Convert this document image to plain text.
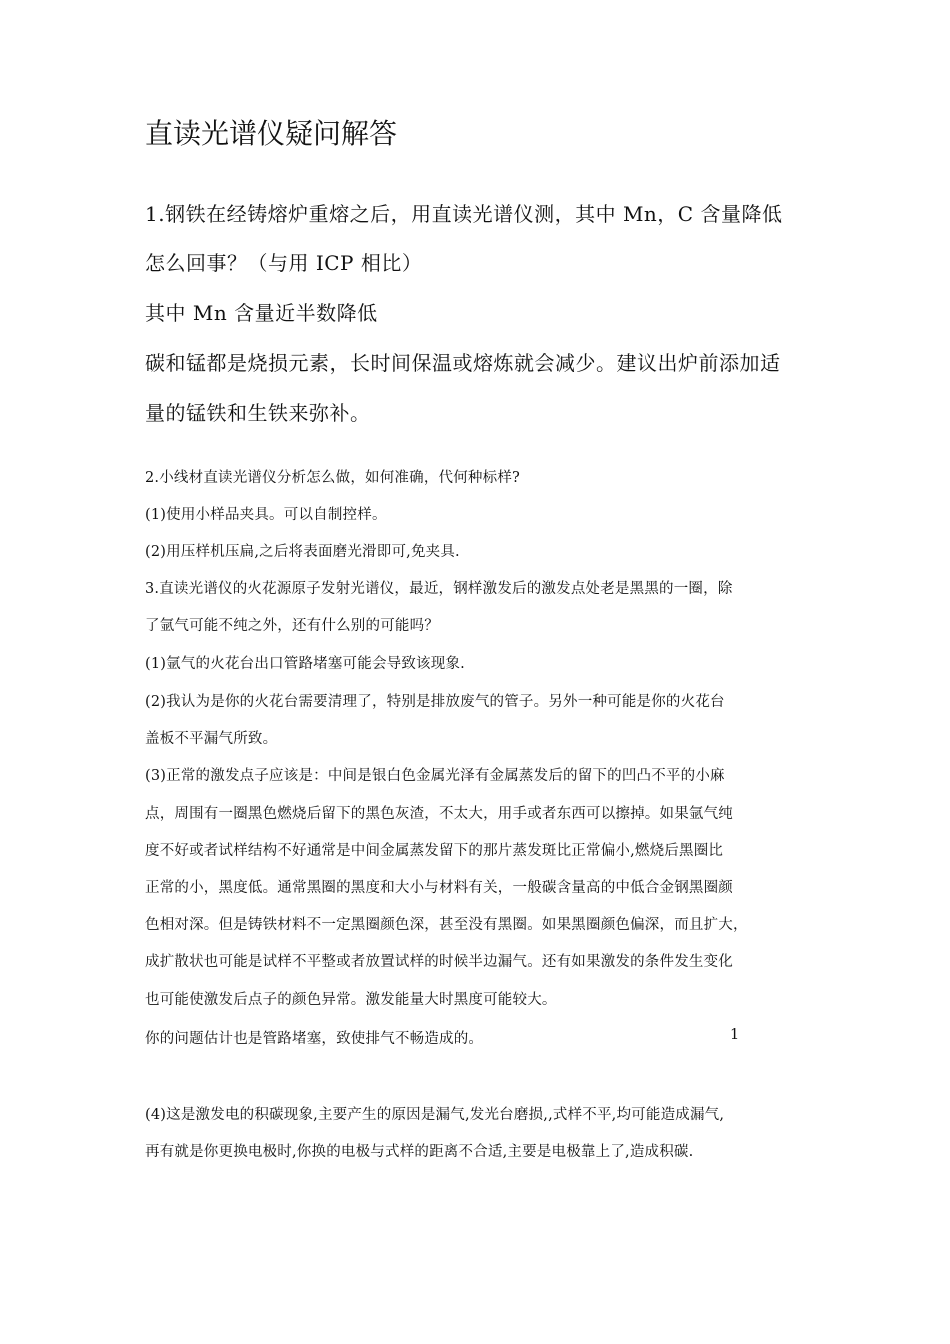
直读光谱仪疑问解答
1.钢铁在经铸熔炉重熔之后，用直读光谱仪测，其中 Mn，C 含量降低
怎么回事？（与用 ICP 相比）
其中 Mn 含量近半数降低
碳和锰都是烧损元素，长时间保温或熔炼就会减少。建议出炉前添加适
量的锰铁和生铁来弥补。
2.小线材直读光谱仪分析怎么做，如何准确，代何种标样?
(1)使用小样品夹具。可以自制控样。
(2)用压样机压扁,之后将表面磨光滑即可,免夹具.
3.直读光谱仪的火花源原子发射光谱仪，最近，钢样激发后的激发点处老是黑黑的一圈，除
了氩气可能不纯之外，还有什么别的可能吗？
(1)氩气的火花台出口管路堵塞可能会导致该现象.
(2)我认为是你的火花台需要清理了，特别是排放废气的管子。另外一种可能是你的火花台
盖板不平漏气所致。
(3)正常的激发点子应该是：中间是银白色金属光泽有金属蒸发后的留下的凹凸不平的小麻
点，周围有一圈黑色燃烧后留下的黑色灰渣，不太大，用手或者东西可以擦掉。如果氩气纯
度不好或者试样结构不好通常是中间金属蒸发留下的那片蒸发斑比正常偏小,燃烧后黑圈比
正常的小，黑度低。通常黑圈的黑度和大小与材料有关，一般碳含量高的中低合金钢黑圈颜
色相对深。但是铸铁材料不一定黑圈颜色深，甚至没有黑圈。如果黑圈颜色偏深，而且扩大，
成扩散状也可能是试样不平整或者放置试样的时候半边漏气。还有如果激发的条件发生变化
也可能使激发后点子的颜色异常。激发能量大时黑度可能较大。
你的问题估计也是管路堵塞，致使排气不畅造成的。	1
(4)这是激发电的积碳现象,主要产生的原因是漏气,发光台磨损,,式样不平,均可能造成漏气,
再有就是你更换电极时,你换的电极与式样的距离不合适,主要是电极靠上了,造成积碳.
